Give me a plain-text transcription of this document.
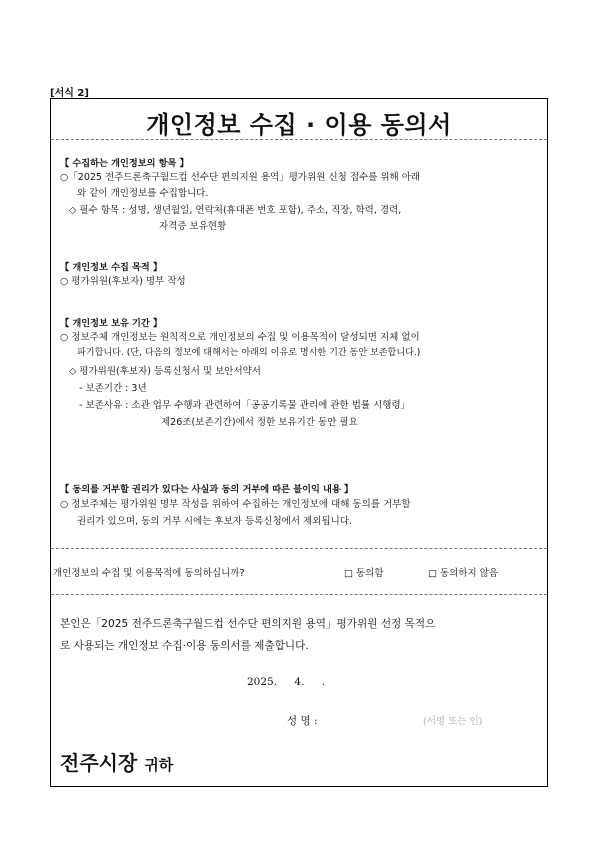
[서식 2]
개인정보 수집 · 이용 동의서
【 수집하는 개인정보의 항목 】
○「2025 전주드론축구월드컵 선수단 편의지원 용역」평가위원 신청 접수를 위해 아래
와 같이 개인정보를 수집합니다.
◇ 필수 항목 : 성명, 생년월일, 연락처(휴대폰 번호 포함), 주소, 직장, 학력, 경력,
자격증 보유현황
【 개인정보 수집 목적 】
○ 평가위원(후보자) 명부 작성
【 개인정보 보유 기간 】
○ 정보주체 개인정보는 원칙적으로 개인정보의 수집 및 이용목적이 달성되면 지체 없이
파기합니다. (단, 다음의 정보에 대해서는 아래의 이유로 명시한 기간 동안 보존합니다.)
◇ 평가위원(후보자) 등록신청서 및 보안서약서
- 보존기간 : 3년
- 보존사유 : 소관 업무 수행과 관련하여「공공기록물 관리에 관한 법률 시행령」
제26조(보존기간)에서 정한 보유기간 동안 필요
【 동의를 거부할 권리가 있다는 사실과 동의 거부에 따른 불이익 내용 】
○ 정보주체는 평가위원 명부 작성을 위하여 수집하는 개인정보에 대해 동의를 거부할
권리가 있으며, 동의 거부 시에는 후보자 등록신청에서 제외됩니다.
개인정보의 수집 및 이용목적에 동의하십니까?	□ 동의함	□ 동의하지 않음
본인은「2025 전주드론축구월드컵 선수단 편의지원 용역」평가위원 선정 목적으
로 사용되는 개인정보 수집·이용 동의서를 제출합니다.
2025. 4. .
성 명 :	(서명 또는 인)
전주시장 귀하
